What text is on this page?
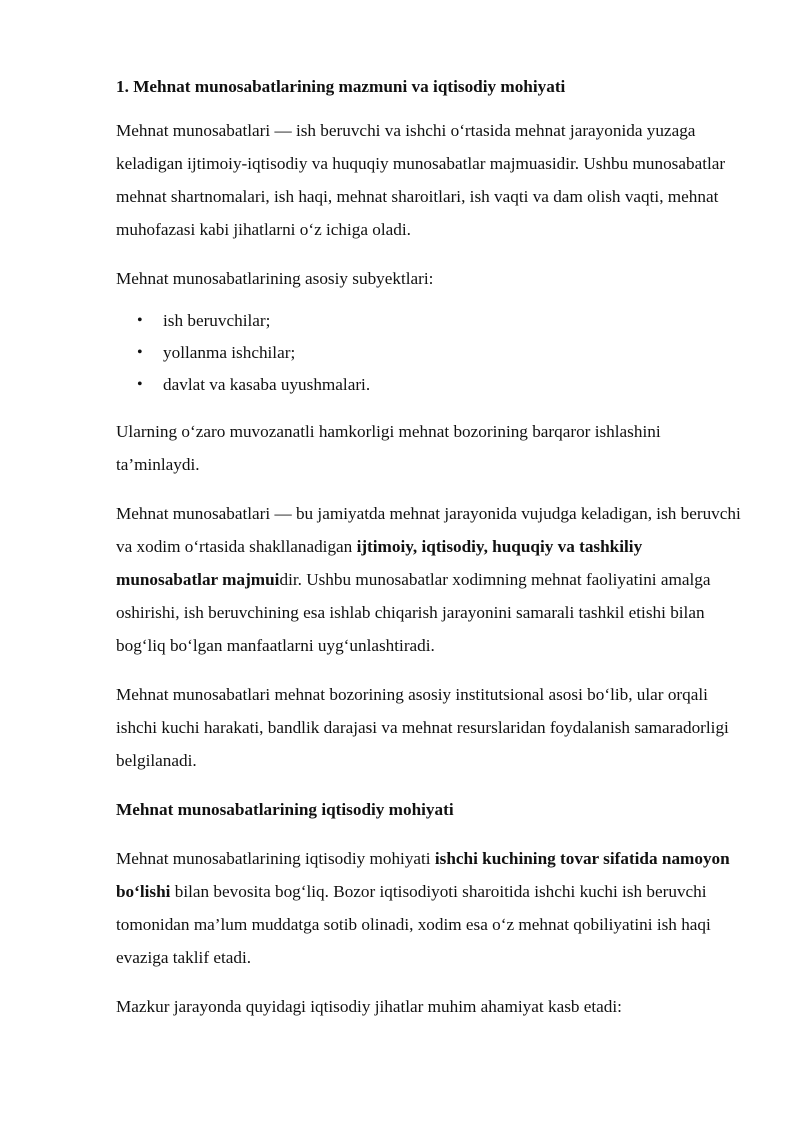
1. Mehnat munosabatlarining mazmuni va iqtisodiy mohiyati

Mehnat munosabatlari — ish beruvchi va ishchi o‘rtasida mehnat jarayonida yuzaga keladigan ijtimoiy-iqtisodiy va huquqiy munosabatlar majmuasidir. Ushbu munosabatlar mehnat shartnomalari, ish haqi, mehnat sharoitlari, ish vaqti va dam olish vaqti, mehnat muhofazasi kabi jihatlarni o‘z ichiga oladi.

Mehnat munosabatlarining asosiy subyektlari:

• ish beruvchilar;
• yollanma ishchilar;
• davlat va kasaba uyushmalari.

Ularning o‘zaro muvozanatli hamkorligi mehnat bozorining barqaror ishlashini ta’minlaydi.

Mehnat munosabatlari — bu jamiyatda mehnat jarayonida vujudga keladigan, ish beruvchi va xodim o‘rtasida shakllanadigan ijtimoiy, iqtisodiy, huquqiy va tashkiliy munosabatlar majmuidir. Ushbu munosabatlar xodimning mehnat faoliyatini amalga oshirishi, ish beruvchining esa ishlab chiqarish jarayonini samarali tashkil etishi bilan bog‘liq bo‘lgan manfaatlarni uyg‘unlashtiradi.

Mehnat munosabatlari mehnat bozorining asosiy institutsional asosi bo‘lib, ular orqali ishchi kuchi harakati, bandlik darajasi va mehnat resurslaridan foydalanish samaradorligi belgilanadi.

Mehnat munosabatlarining iqtisodiy mohiyati

Mehnat munosabatlarining iqtisodiy mohiyati ishchi kuchining tovar sifatida namoyon bo‘lishi bilan bevosita bog‘liq. Bozor iqtisodiyoti sharoitida ishchi kuchi ish beruvchi tomonidan ma’lum muddatga sotib olinadi, xodim esa o‘z mehnat qobiliyatini ish haqi evaziga taklif etadi.

Mazkur jarayonda quyidagi iqtisodiy jihatlar muhim ahamiyat kasb etadi:
